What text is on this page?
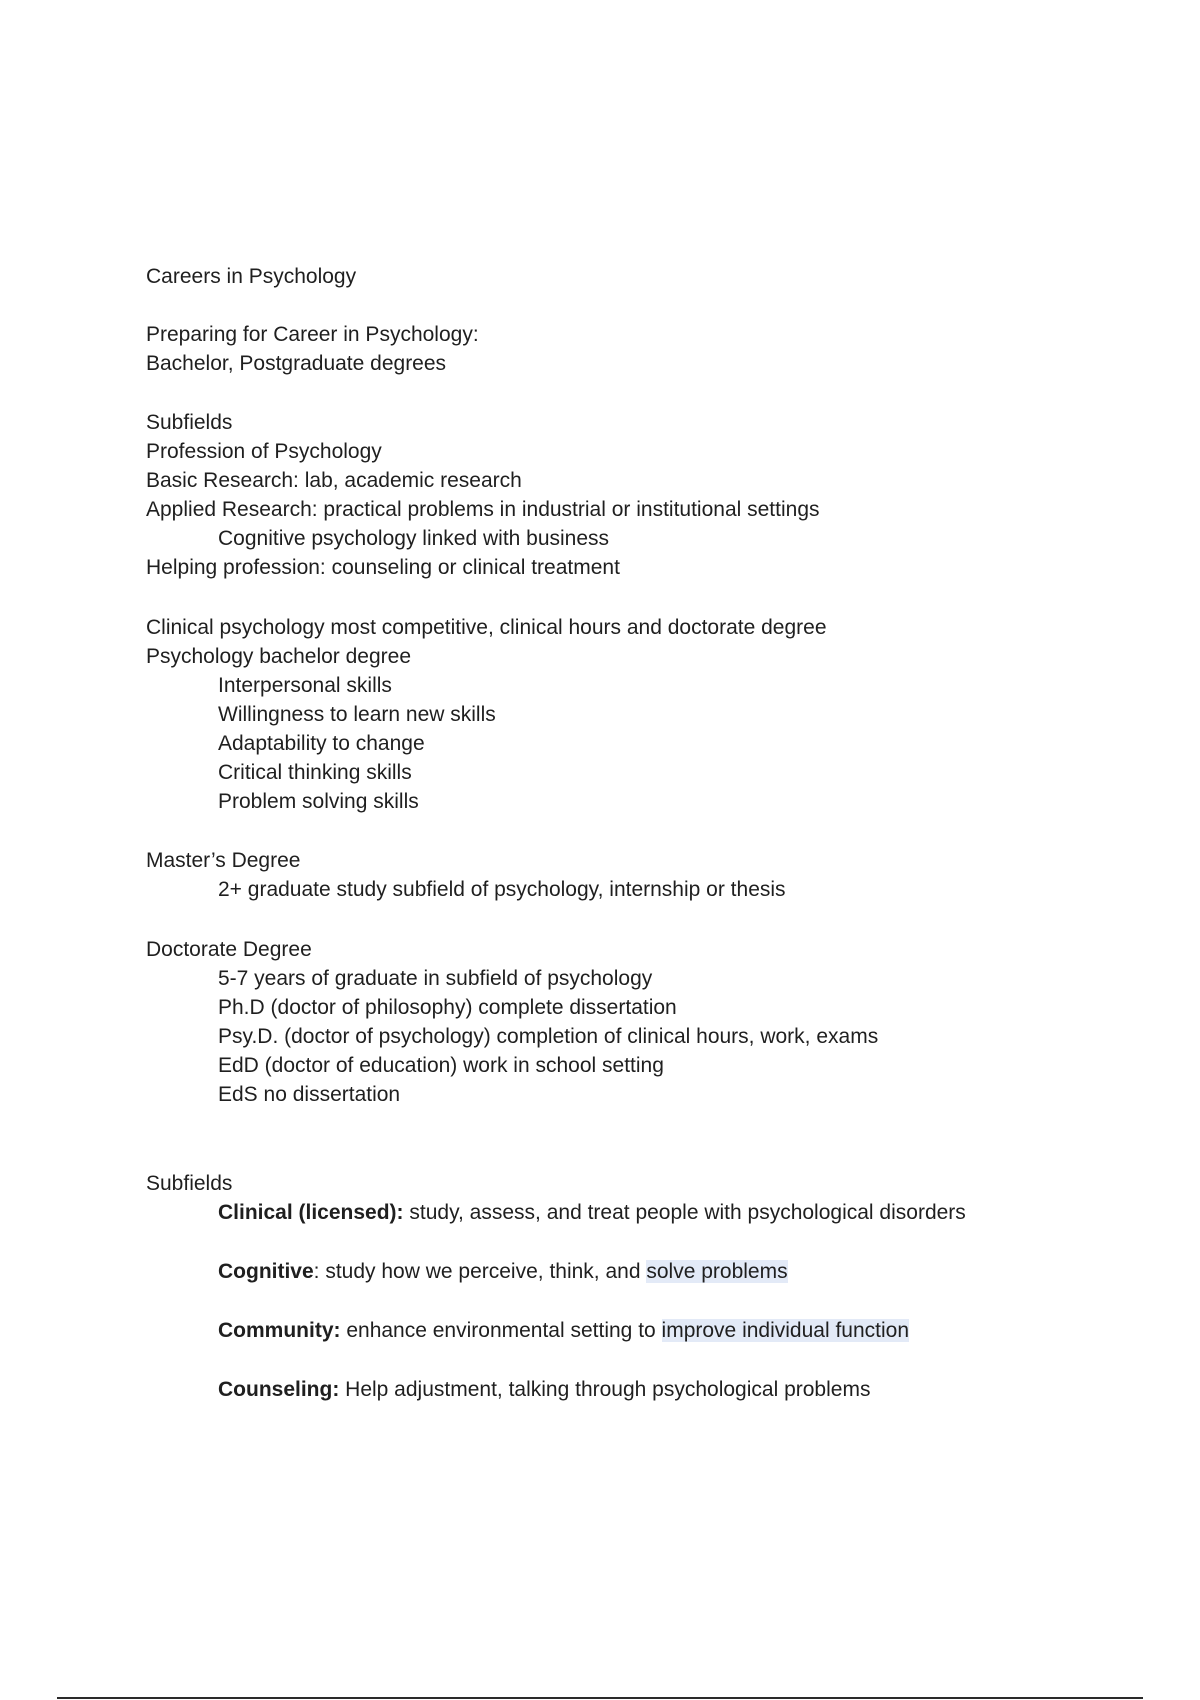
Careers in Psychology
Preparing for Career in Psychology:
Bachelor, Postgraduate degrees
Subfields
Profession of Psychology
Basic Research: lab, academic research
Applied Research: practical problems in industrial or institutional settings
Cognitive psychology linked with business
Helping profession: counseling or clinical treatment
Clinical psychology most competitive, clinical hours and doctorate degree
Psychology bachelor degree
Interpersonal skills
Willingness to learn new skills
Adaptability to change
Critical thinking skills
Problem solving skills
Master’s Degree
2+ graduate study subfield of psychology, internship or thesis
Doctorate Degree
5-7 years of graduate in subfield of psychology
Ph.D (doctor of philosophy) complete dissertation
Psy.D. (doctor of psychology) completion of clinical hours, work, exams
EdD (doctor of education) work in school setting
EdS no dissertation
Subfields
Clinical (licensed): study, assess, and treat people with psychological disorders
Cognitive: study how we perceive, think, and solve problems
Community: enhance environmental setting to improve individual function
Counseling: Help adjustment, talking through psychological problems
